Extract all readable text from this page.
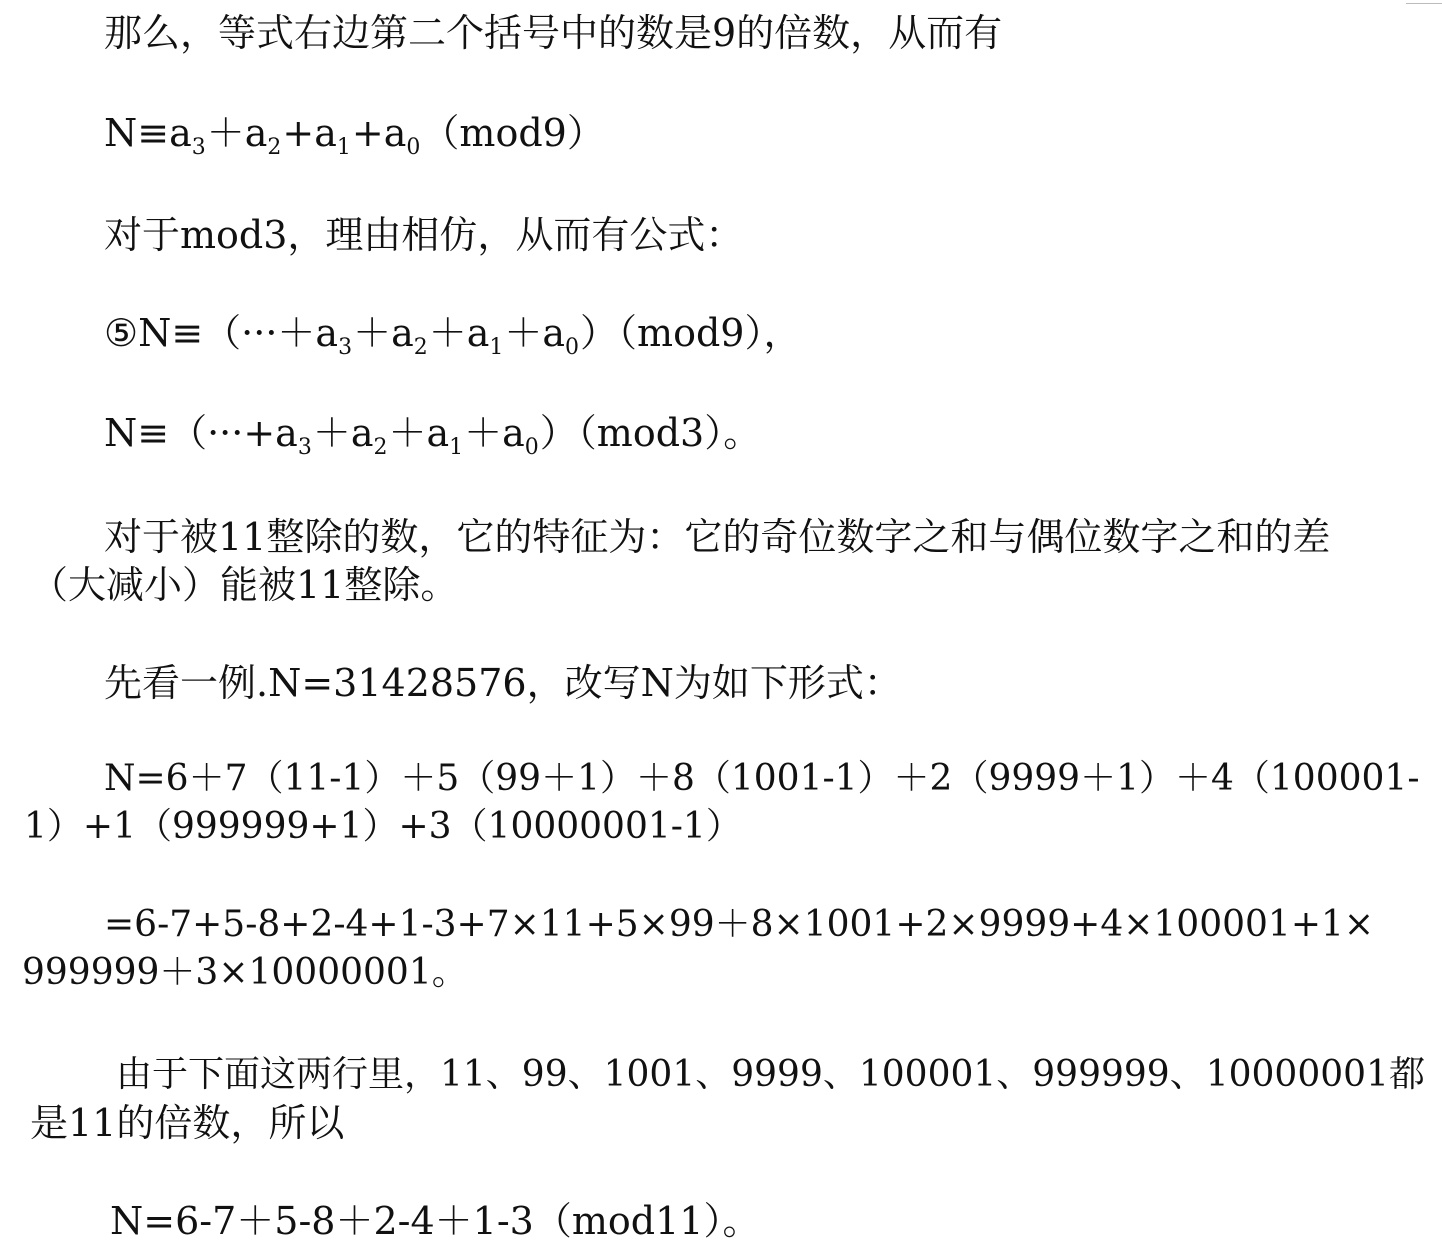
那么，等式右边第二个括号中的数是9的倍数，从而有
$N\equiv a_3+a_2+a_1+a_0(mod9)$
对于mod3，理由相仿，从而有公式：
$⑤N\equiv(\cdot\cdot\cdot+a_3+a_2+a_1+a_0)(mod9)$，
$N\equiv(\cdot\cdot\cdot+a_3+a_2+a_1+a_0)(mod3)$。
对于被11整除的数，它的特征为：它的奇位数字之和与偶位数字之和的差
（大减小）能被11整除。
先看一例.N=31428576，改写N为如下形式：
N=6＋7（11-1）＋5（99＋1）＋8（1001-1）＋2（9999＋1）＋4（100001-
1）+1（999999+1）+3（10000001-1）
=6-7+5-8+2-4+1-3+7×11+5×99＋8×1001+2×9999+4×100001+1×
999999＋3×10000001。
由于下面这两行里，11、99、1001、9999、100001、999999、10000001都
是11的倍数，所以
N=6-7＋5-8＋2-4＋1-3（mod11）。
